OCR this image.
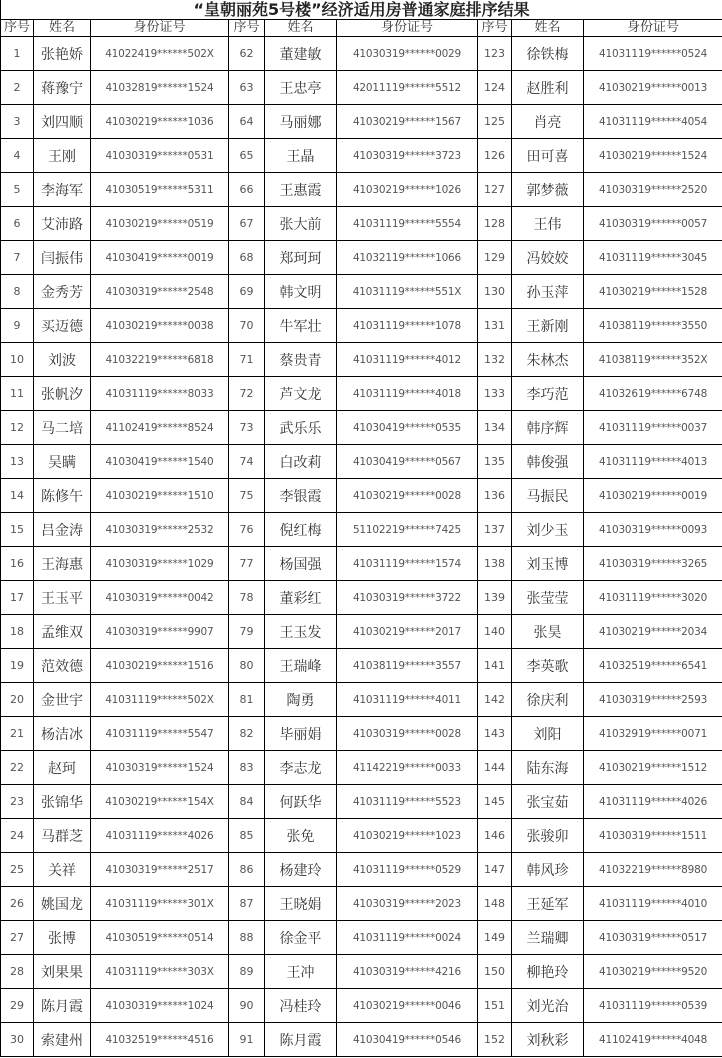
“皇朝丽苑5号楼”经济适用房普通家庭排序结果								
序号	姓名	身份证号	序号	姓名	身份证号	序号	姓名	身份证号
1	张艳娇	41022419******502X	62	董建敏	41030319******0029	123	徐铁梅	41031119******0524
2	蒋豫宁	41032819******1524	63	王忠亭	42011119******5512	124	赵胜利	41030219******0013
3	刘四顺	41030219******1036	64	马丽娜	41030219******1567	125	肖亮	41031119******4054
4	王刚	41030319******0531	65	王晶	41030319******3723	126	田可喜	41030219******1524
5	李海军	41030519******5311	66	王惠霞	41030219******1026	127	郭梦薇	41030319******2520
6	艾沛路	41030219******0519	67	张大前	41031119******5554	128	王伟	41030319******0057
7	闫振伟	41030419******0019	68	郑珂珂	41032119******1066	129	冯姣姣	41031119******3045
8	金秀芳	41030319******2548	69	韩文明	41031119******551X	130	孙玉萍	41030219******1528
9	买迈德	41030219******0038	70	牛军壮	41031119******1078	131	王新刚	41038119******3550
10	刘波	41032219******6818	71	蔡贵青	41031119******4012	132	朱林杰	41038119******352X
11	张帆汐	41031119******8033	72	芦文龙	41031119******4018	133	李巧范	41032619******6748
12	马二培	41102419******8524	73	武乐乐	41030419******0535	134	韩序辉	41031119******0037
13	吴瞒	41030419******1540	74	白改莉	41030419******0567	135	韩俊强	41031119******4013
14	陈修午	41030219******1510	75	李银霞	41030219******0028	136	马振民	41030219******0019
15	吕金涛	41030319******2532	76	倪红梅	51102219******7425	137	刘少玉	41030319******0093
16	王海惠	41030319******1029	77	杨国强	41031119******1574	138	刘玉博	41030319******3265
17	王玉平	41030319******0042	78	董彩红	41030319******3722	139	张莹莹	41031119******3020
18	孟维双	41030319******9907	79	王玉发	41030219******2017	140	张昊	41030219******2034
19	范效德	41030219******1516	80	王瑞峰	41038119******3557	141	李英歌	41032519******6541
20	金世宇	41031119******502X	81	陶勇	41031119******4011	142	徐庆利	41030319******2593
21	杨洁冰	41031119******5547	82	毕丽娟	41030319******0028	143	刘阳	41032919******0071
22	赵珂	41030319******1524	83	李志龙	41142219******0033	144	陆东海	41030219******1512
23	张锦华	41030219******154X	84	何跃华	41031119******5523	145	张宝茹	41031119******4026
24	马群芝	41031119******4026	85	张免	41030219******1023	146	张骏卯	41030319******1511
25	关祥	41030319******2517	86	杨建玲	41031119******0529	147	韩风珍	41032219******8980
26	姚国龙	41031119******301X	87	王晓娟	41030319******2023	148	王延军	41031119******4010
27	张博	41030519******0514	88	徐金平	41031119******0024	149	兰瑞卿	41030319******0517
28	刘果果	41031119******303X	89	王冲	41030319******4216	150	柳艳玲	41030219******9520
29	陈月霞	41030319******1024	90	冯桂玲	41030219******0046	151	刘光治	41031119******0539
30	索建州	41032519******4516	91	陈月霞	41030419******0546	152	刘秋彩	41102419******4048
